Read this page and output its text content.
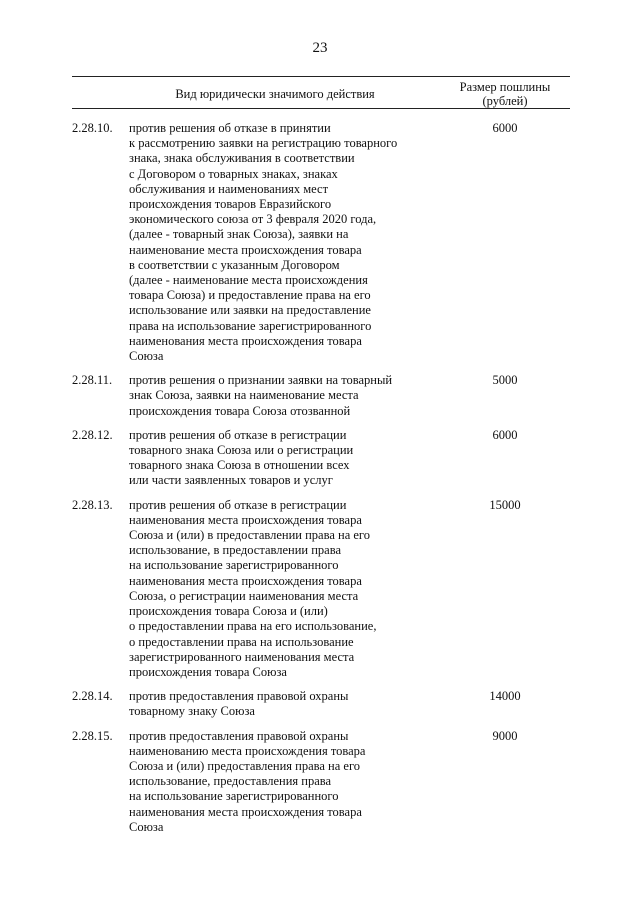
23
Вид юридически значимого действия	Размер пошлины
(рублей)
2.28.10. против решения об отказе в принятии
к рассмотрению заявки на регистрацию товарного
знака, знака обслуживания в соответствии
с Договором о товарных знаках, знаках
обслуживания и наименованиях мест
происхождения товаров Евразийского
экономического союза от 3 февраля 2020 года,
(далее - товарный знак Союза), заявки на
наименование места происхождения товара
в соответствии с указанным Договором
(далее - наименование места происхождения
товара Союза) и предоставление права на его
использование или заявки на предоставление
права на использование зарегистрированного
наименования места происхождения товара
Союза
6000
2.28.11. против решения о признании заявки на товарный
знак Союза, заявки на наименование места
происхождения товара Союза отозванной
5000
2.28.12. против решения об отказе в регистрации
товарного знака Союза или о регистрации
товарного знака Союза в отношении всех
или части заявленных товаров и услуг
6000
2.28.13. против решения об отказе в регистрации
наименования места происхождения товара
Союза и (или) в предоставлении права на его
использование, в предоставлении права
на использование зарегистрированного
наименования места происхождения товара
Союза, о регистрации наименования места
происхождения товара Союза и (или)
о предоставлении права на его использование,
о предоставлении права на использование
зарегистрированного наименования места
происхождения товара Союза
15000
2.28.14. против предоставления правовой охраны
товарному знаку Союза
14000
2.28.15. против предоставления правовой охраны
наименованию места происхождения товара
Союза и (или) предоставления права на его
использование, предоставления права
на использование зарегистрированного
наименования места происхождения товара
Союза
9000
